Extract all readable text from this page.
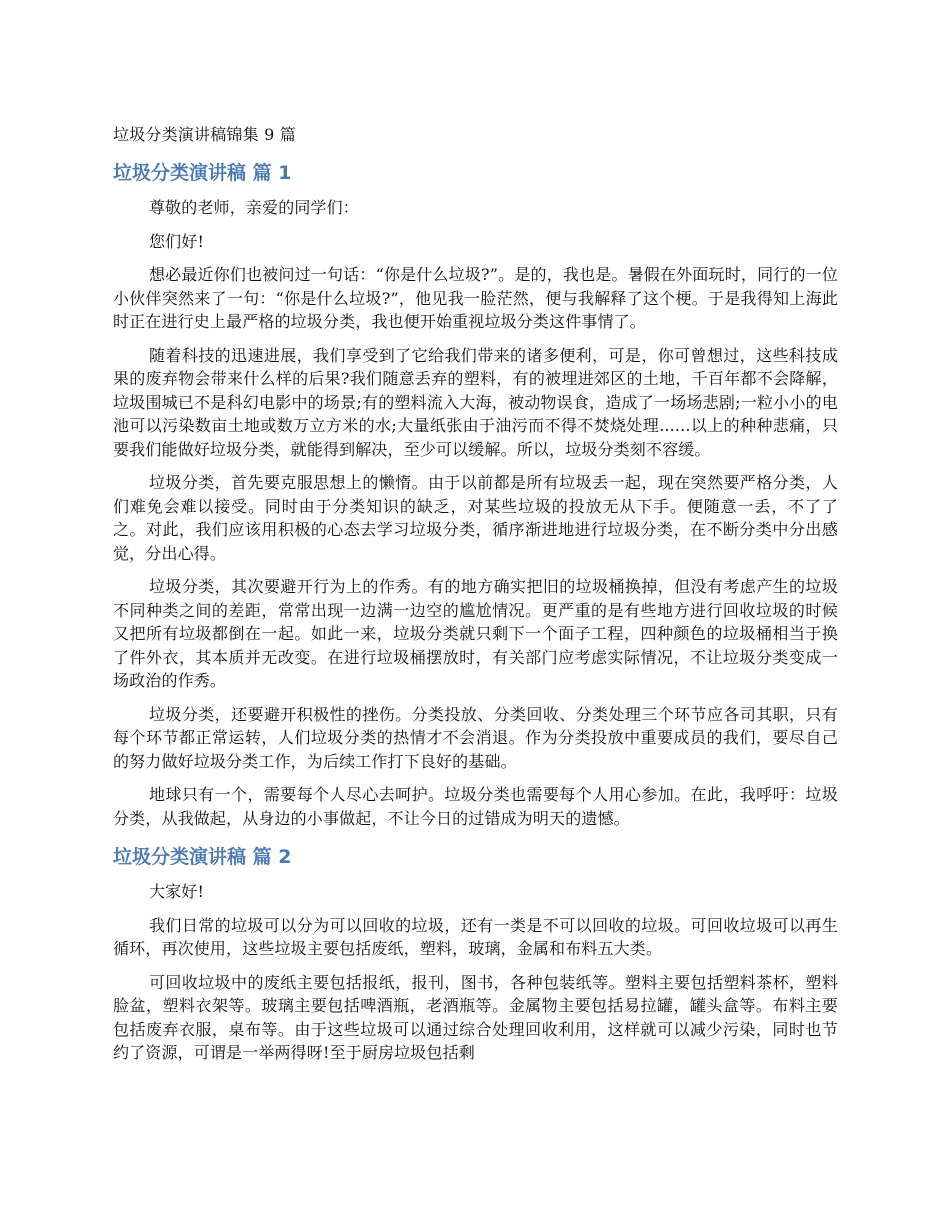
垃圾分类演讲稿锦集 9 篇
垃圾分类演讲稿 篇 1

尊敬的老师，亲爱的同学们：

您们好!

想必最近你们也被问过一句话：“你是什么垃圾?”。是的，我也是。暑假在外面玩时，同行的一位小伙伴突然来了一句：“你是什么垃圾?”，他见我一脸茫然，便与我解释了这个梗。于是我得知上海此时正在进行史上最严格的垃圾分类，我也便开始重视垃圾分类这件事情了。

随着科技的迅速进展，我们享受到了它给我们带来的诸多便利，可是，你可曾想过，这些科技成果的废弃物会带来什么样的后果?我们随意丢弃的塑料，有的被埋进郊区的土地，千百年都不会降解，垃圾围城已不是科幻电影中的场景;有的塑料流入大海，被动物误食，造成了一场场悲剧;一粒小小的电池可以污染数亩土地或数万立方米的水;大量纸张由于油污而不得不焚烧处理......以上的种种悲痛，只要我们能做好垃圾分类，就能得到解决，至少可以缓解。所以，垃圾分类刻不容缓。

垃圾分类，首先要克服思想上的懒惰。由于以前都是所有垃圾丢一起，现在突然要严格分类，人们难免会难以接受。同时由于分类知识的缺乏，对某些垃圾的投放无从下手。便随意一丢，不了了之。对此，我们应该用积极的心态去学习垃圾分类，循序渐进地进行垃圾分类，在不断分类中分出感觉，分出心得。

垃圾分类，其次要避开行为上的作秀。有的地方确实把旧的垃圾桶换掉，但没有考虑产生的垃圾不同种类之间的差距，常常出现一边满一边空的尴尬情况。更严重的是有些地方进行回收垃圾的时候又把所有垃圾都倒在一起。如此一来，垃圾分类就只剩下一个面子工程，四种颜色的垃圾桶相当于换了件外衣，其本质并无改变。在进行垃圾桶摆放时，有关部门应考虑实际情况，不让垃圾分类变成一场政治的作秀。

垃圾分类，还要避开积极性的挫伤。分类投放、分类回收、分类处理三个环节应各司其职，只有每个环节都正常运转，人们垃圾分类的热情才不会消退。作为分类投放中重要成员的我们，要尽自己的努力做好垃圾分类工作，为后续工作打下良好的基础。

地球只有一个，需要每个人尽心去呵护。垃圾分类也需要每个人用心参加。在此，我呼吁：垃圾分类，从我做起，从身边的小事做起，不让今日的过错成为明天的遗憾。

垃圾分类演讲稿 篇 2

大家好!

我们日常的垃圾可以分为可以回收的垃圾，还有一类是不可以回收的垃圾。可回收垃圾可以再生循环，再次使用，这些垃圾主要包括废纸，塑料，玻璃，金属和布料五大类。

可回收垃圾中的废纸主要包括报纸，报刊，图书，各种包装纸等。塑料主要包括塑料茶杯，塑料脸盆，塑料衣架等。玻璃主要包括啤酒瓶，老酒瓶等。金属物主要包括易拉罐，罐头盒等。布料主要包括废弃衣服，桌布等。由于这些垃圾可以通过综合处理回收利用，这样就可以减少污染，同时也节约了资源，可谓是一举两得呀!至于厨房垃圾包括剩
